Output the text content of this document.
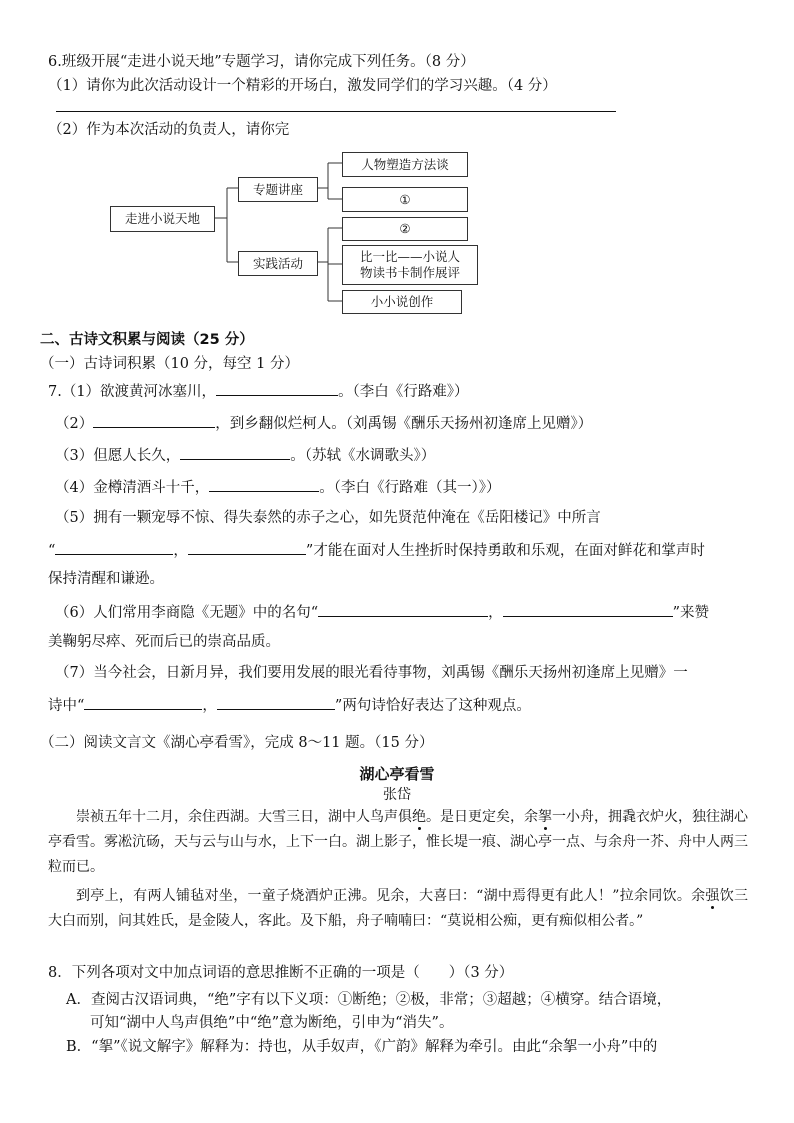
6.班级开展“走进小说天地”专题学习，请你完成下列任务。（8 分）
（1）请你为此次活动设计一个精彩的开场白，激发同学们的学习兴趣。（4 分）
（2）作为本次活动的负责人，请你完
走进小说天地
专题讲座
实践活动
人物塑造方法谈
①
②
比一比——小说人
物读书卡制作展评
小小说创作
二、古诗文积累与阅读（25 分）
（一）古诗词积累（10 分，每空 1 分）
7.（1）欲渡黄河冰塞川，	。（李白《行路难》）
（2）	，到乡翻似烂柯人。（刘禹锡《酬乐天扬州初逢席上见赠》）
（3）但愿人长久，	。（苏轼《水调歌头》）
（4）金樽清酒斗十千，	。（李白《行路难（其一）》）
（5）拥有一颗宠辱不惊、得失泰然的赤子之心，如先贤范仲淹在《岳阳楼记》中所言
“	，	”才能在面对人生挫折时保持勇敢和乐观，在面对鲜花和掌声时
保持清醒和谦逊。
（6）人们常用李商隐《无题》中的名句“	，	”来赞
美鞠躬尽瘁、死而后已的崇高品质。
（7）当今社会，日新月异，我们要用发展的眼光看待事物，刘禹锡《酬乐天扬州初逢席上见赠》一
诗中“	，	”两句诗恰好表达了这种观点。
（二）阅读文言文《湖心亭看雪》，完成 8～11 题。（15 分）
湖心亭看雪
张岱
崇祯五年十二月，余住西湖。大雪三日，湖中人鸟声俱绝。是日更定矣，余挐一小舟，拥毳衣炉火，独往湖心亭看雪。雾凇沆砀，天与云与山与水，上下一白。湖上影子，惟长堤一痕、湖心亭一点、与余舟一芥、舟中人两三粒而已。
到亭上，有两人铺毡对坐，一童子烧酒炉正沸。见余，大喜曰：“湖中焉得更有此人！”拉余同饮。余强饮三大白而别，问其姓氏，是金陵人，客此。及下船，舟子喃喃曰：“莫说相公痴，更有痴似相公者。”
8．下列各项对文中加点词语的意思推断不正确的一项是（　　）（3 分）
A．查阅古汉语词典，“绝”字有以下义项：①断绝；②极，非常；③超越；④横穿。结合语境，
可知“湖中人鸟声俱绝”中“绝”意为断绝，引申为“消失”。
B．“挐”《说文解字》解释为：持也，从手奴声，《广韵》解释为牵引。由此“余挐一小舟”中的
